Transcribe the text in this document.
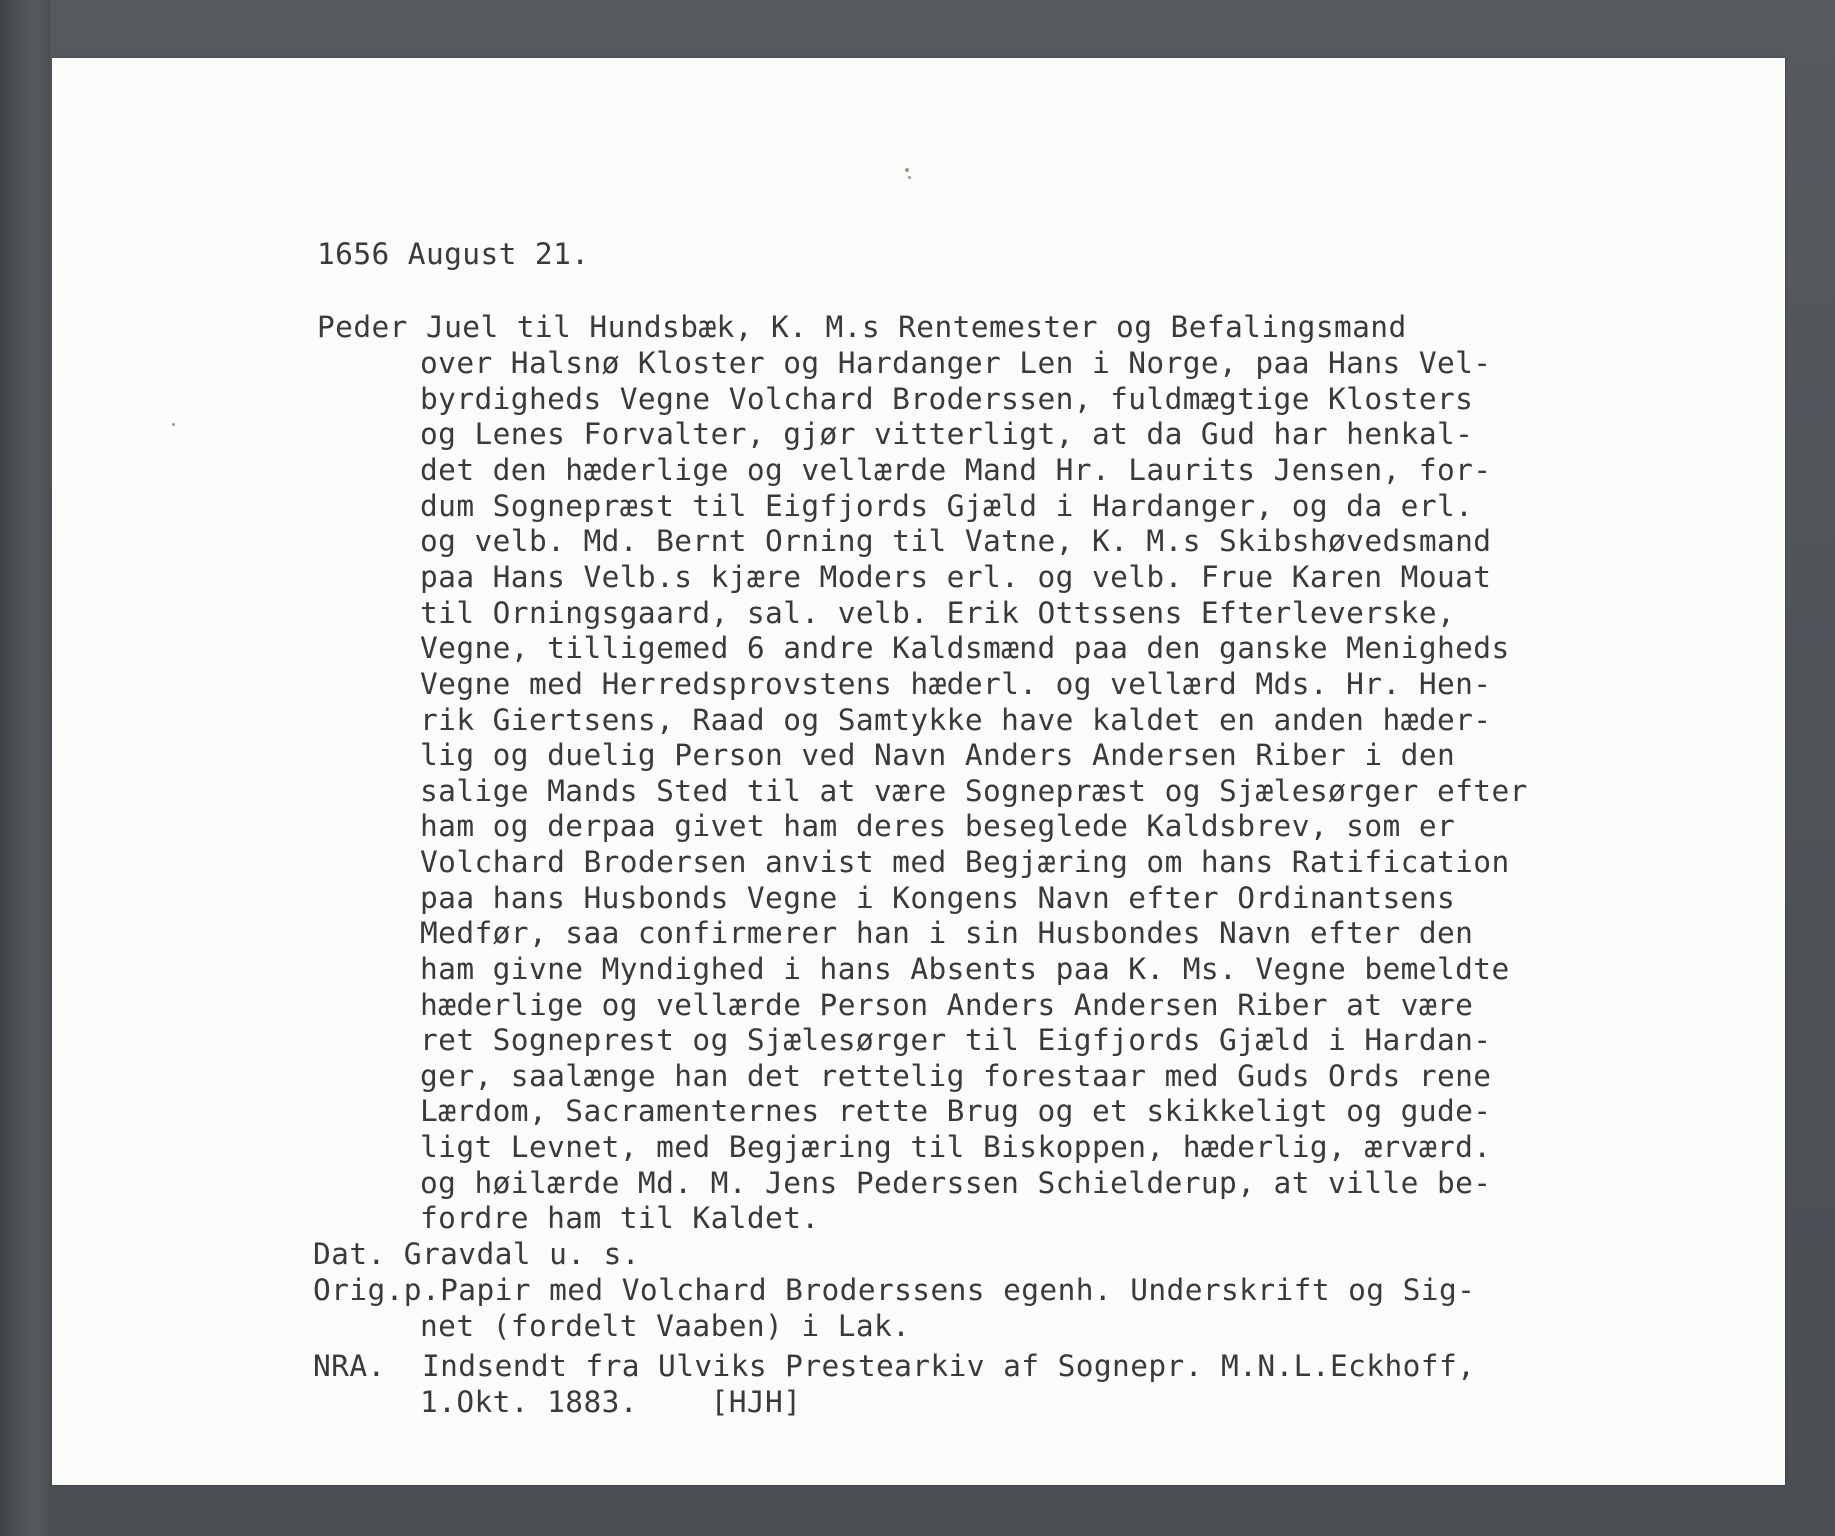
1656 August 21.
Peder Juel til Hundsbæk, K. M.s Rentemester og Befalingsmand
over Halsnø Kloster og Hardanger Len i Norge, paa Hans Vel-
byrdigheds Vegne Volchard Broderssen, fuldmægtige Klosters
og Lenes Forvalter, gjør vitterligt, at da Gud har henkal-
det den hæderlige og vellærde Mand Hr. Laurits Jensen, for-
dum Sognepræst til Eigfjords Gjæld i Hardanger, og da erl.
og velb. Md. Bernt Orning til Vatne, K. M.s Skibshøvedsmand
paa Hans Velb.s kjære Moders erl. og velb. Frue Karen Mouat
til Orningsgaard, sal. velb. Erik Ottssens Efterleverske,
Vegne, tilligemed 6 andre Kaldsmænd paa den ganske Menigheds
Vegne med Herredsprovstens hæderl. og vellærd Mds. Hr. Hen-
rik Giertsens, Raad og Samtykke have kaldet en anden hæder-
lig og duelig Person ved Navn Anders Andersen Riber i den
salige Mands Sted til at være Sognepræst og Sjælesørger efter
ham og derpaa givet ham deres beseglede Kaldsbrev, som er
Volchard Brodersen anvist med Begjæring om hans Ratification
paa hans Husbonds Vegne i Kongens Navn efter Ordinantsens
Medfør, saa confirmerer han i sin Husbondes Navn efter den
ham givne Myndighed i hans Absents paa K. Ms. Vegne bemeldte
hæderlige og vellærde Person Anders Andersen Riber at være
ret Sogneprest og Sjælesørger til Eigfjords Gjæld i Hardan-
ger, saalænge han det rettelig forestaar med Guds Ords rene
Lærdom, Sacramenternes rette Brug og et skikkeligt og gude-
ligt Levnet, med Begjæring til Biskoppen, hæderlig, ærværd.
og høilærde Md. M. Jens Pederssen Schielderup, at ville be-
fordre ham til Kaldet.
Dat. Gravdal u. s.
Orig.p.Papir med Volchard Broderssens egenh. Underskrift og Sig-
net (fordelt Vaaben) i Lak.
NRA.  Indsendt fra Ulviks Prestearkiv af Sognepr. M.N.L.Eckhoff,
1.Okt. 1883.    [HJH]
